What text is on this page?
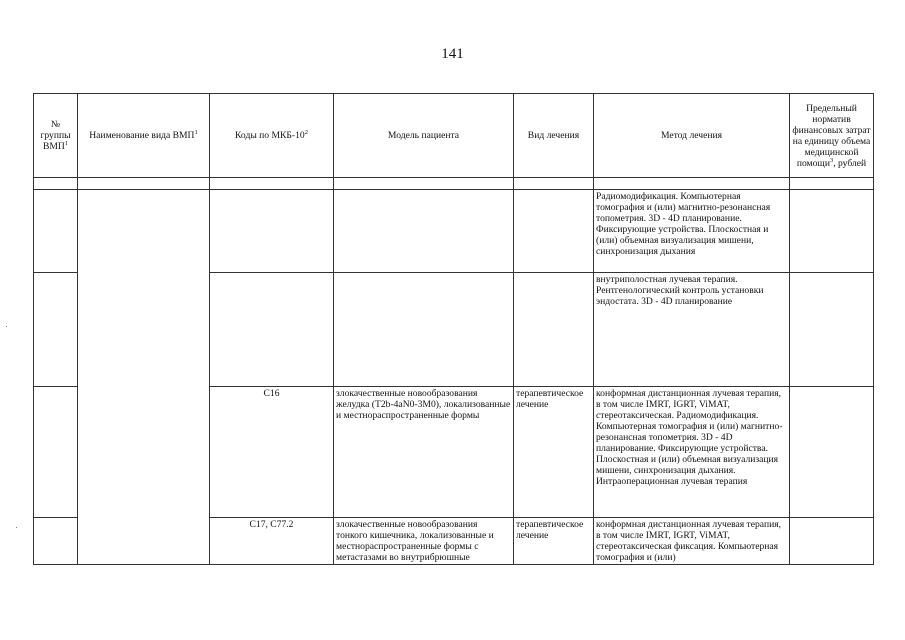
141
№ группы ВМП$^1$	Наименование вида ВМП$^1$	Коды по МКБ-$10^2$	Модель пациента	Вид лечения	Метод лечения	Предельный норматив финансовых затрат на единицу объема медицинской помощи$^3$, рублей

					Радиомодификация. Компьютерная томография и (или) магнитно-резонансная топометрия. 3D - 4D планирование. Фиксирующие устройства. Плоскостная и (или) объемная визуализация мишени, синхронизация дыхания	
					внутриполостная лучевая терапия. Рентгенологический контроль установки эндостата. 3D - 4D планирование	
		C16	злокачественные новообразования желудка (T2b-4aN0-3M0), локализованные и местнораспространенные формы	терапевтическое лечение	конформная дистанционная лучевая терапия, в том числе IMRT, IGRT, ViMAT, стереотаксическая. Радиомодификация. Компьютерная томография и (или) магнитно-резонансная топометрия. 3D - 4D планирование. Фиксирующие устройства. Плоскостная и (или) объемная визуализация мишени, синхронизация дыхания. Интраоперационная лучевая терапия	
		C17, C77.2	злокачественные новообразования тонкого кишечника, локализованные и местнораспространенные формы с метастазами во внутрибрюшные	терапевтическое лечение	конформная дистанционная лучевая терапия, в том числе IMRT, IGRT, ViMAT, стереотаксическая фиксация. Компьютерная томография и (или)	
